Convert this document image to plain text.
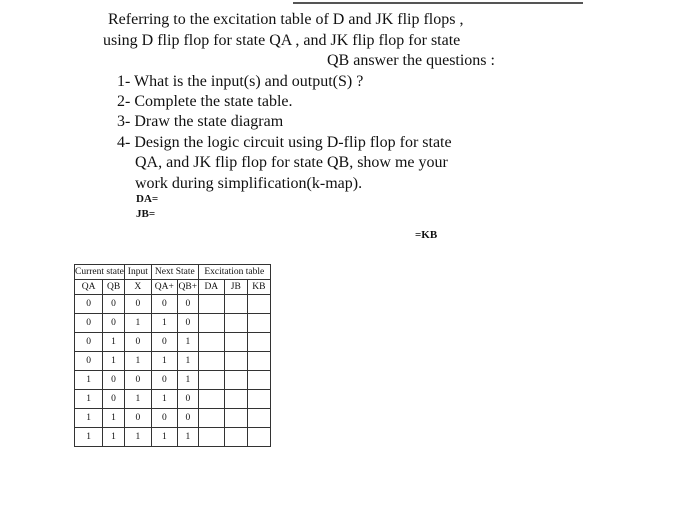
Referring to the excitation table of D and JK flip flops ,
using D flip flop for state QA , and JK flip flop for state
QB answer the questions :
1- What is the input(s) and output(S) ?
2- Complete the state table.
3- Draw the state diagram
4- Design the logic circuit using D-flip flop for state
QA, and JK flip flop for state QB, show me your
work during simplification(k-map).
DA=
JB=
=KB
Current state		Input	Next State		Excitation table		
QA	QB	X	QA+	QB+	DA	JB	KB
0	0	0	0	0			
0	0	1	1	0			
0	1	0	0	1			
0	1	1	1	1			
1	0	0	0	1			
1	0	1	1	0			
1	1	0	0	0			
1	1	1	1	1			
